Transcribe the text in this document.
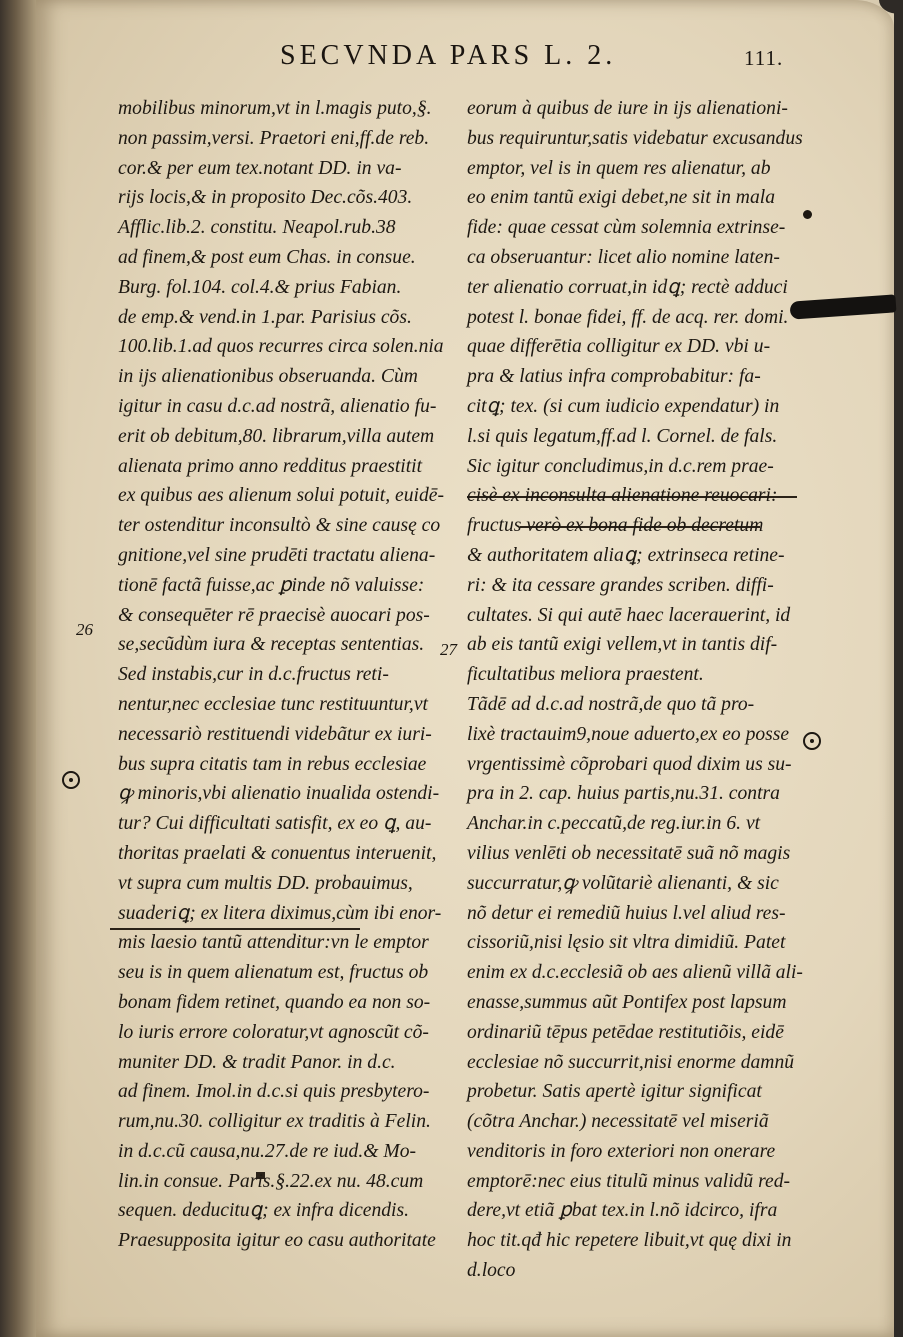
SECVNDA PARS L. 2.	111.
26
27
mobilibus minorum,vt in l.magis puto,§.
non passim,versi. Praetori eni,ff.de reb.
cor.& per eum tex.notant DD. in va-
rijs locis,& in proposito Dec.cõs.403.
Afflic.lib.2. constitu. Neapol.rub.38
ad finem,& post eum Chas. in consue.
Burg. fol.104. col.4.& prius Fabian.
de emp.& vend.in 1.par. Parisius cõs.
100.lib.1.ad quos recurres circa solen.nia
in ijs alienationibus obseruanda. Cùm
igitur in casu d.c.ad nostrã, alienatio fu-
erit ob debitum,80. librarum,villa autem
alienata primo anno redditus praestitit
ex quibus aes alienum solui potuit, euidē-
ter ostenditur inconsultò & sine causę co
gnitione,vel sine prudēti tractatu aliena-
tionē factã fuisse,ac ꝑinde nõ valuisse:
& consequēter rē praecisè auocari pos-
se,secũdùm iura & receptas sententias.
Sed instabis,cur in d.c.fructus reti-
nentur,nec ecclesiae tunc restituuntur,vt
necessariò restituendi videbãtur ex iuri-
bus supra citatis tam in rebus ecclesiae
ꝙ minoris,vbi alienatio inualida ostendi-
tur? Cui difficultati satisfit, ex eo ꝗ, au-
thoritas praelati & conuentus interuenit,
vt supra cum multis DD. probauimus,
suaderiꝗ; ex litera diximus,cùm ibi enor-
mis laesio tantũ attenditur:vn le emptor
seu is in quem alienatum est, fructus ob
bonam fidem retinet, quando ea non so-
lo iuris errore coloratur,vt agnoscũt cõ-
muniter DD. & tradit Panor. in d.c.
ad finem. Imol.in d.c.si quis presbytero-
rum,nu.30. colligitur ex traditis à Felin.
in d.c.cũ causa,nu.27.de re iud.& Mo-
lin.in consue. Paris.§.22.ex nu. 48.cum
sequen. deducituꝗ; ex infra dicendis.
Praesupposita igitur eo casu authoritate
eorum à quibus de iure in ijs alienationi-
bus requiruntur,satis videbatur excusandus
emptor, vel is in quem res alienatur, ab
eo enim tantũ exigi debet,ne sit in mala
fide: quae cessat cùm solemnia extrinse-
ca obseruantur: licet alio nomine laten-
ter alienatio corruat,in idꝗ; rectè adduci
potest l. bonae fidei, ff. de acq. rer. domi.
quae differētia colligitur ex DD. vbi u-
pra & latius infra comprobabitur: fa-
citꝗ; tex. (si cum iudicio expendatur) in
l.si quis legatum,ff.ad l. Cornel. de fals.
Sic igitur concludimus,in d.c.rem prae-
cisè ex inconsulta alienatione reuocari:
fructus verò ex bona fide ob decretum
& authoritatem aliaꝗ; extrinseca retine-
ri: & ita cessare grandes scriben. diffi-
cultates. Si qui autē haec lacerauerint, id
ab eis tantũ exigi vellem,vt in tantis dif-
ficultatibus meliora praestent.
Tãdē ad d.c.ad nostrã,de quo tã pro-
lixè tractauim9,noue aduerto,ex eo posse
vrgentissimè cõprobari quod dixim us su-
pra in 2. cap. huius partis,nu.31. contra
Anchar.in c.peccatũ,de reg.iur.in 6. vt
vilius venlēti ob necessitatē suã nõ magis
succurratur,ꝙ volũtariè alienanti, & sic
nõ detur ei remediũ huius l.vel aliud res-
cissoriũ,nisi lęsio sit vltra dimidiũ. Patet
enim ex d.c.ecclesiã ob aes alienũ villã ali-
enasse,summus aũt Pontifex post lapsum
ordinariũ tēpus petēdae restitutiõis, eidē
ecclesiae nõ succurrit,nisi enorme damnũ
probetur. Satis apertè igitur significat
(cõtra Anchar.) necessitatē vel miseriã
venditoris in foro exteriori non onerare
emptorē:nec eius titulũ minus validũ red-
dere,vt etiã ꝑbat tex.in l.nõ idcirco, ifra
hoc tit.qđ hic repetere libuit,vt quę dixi in
d.loco
